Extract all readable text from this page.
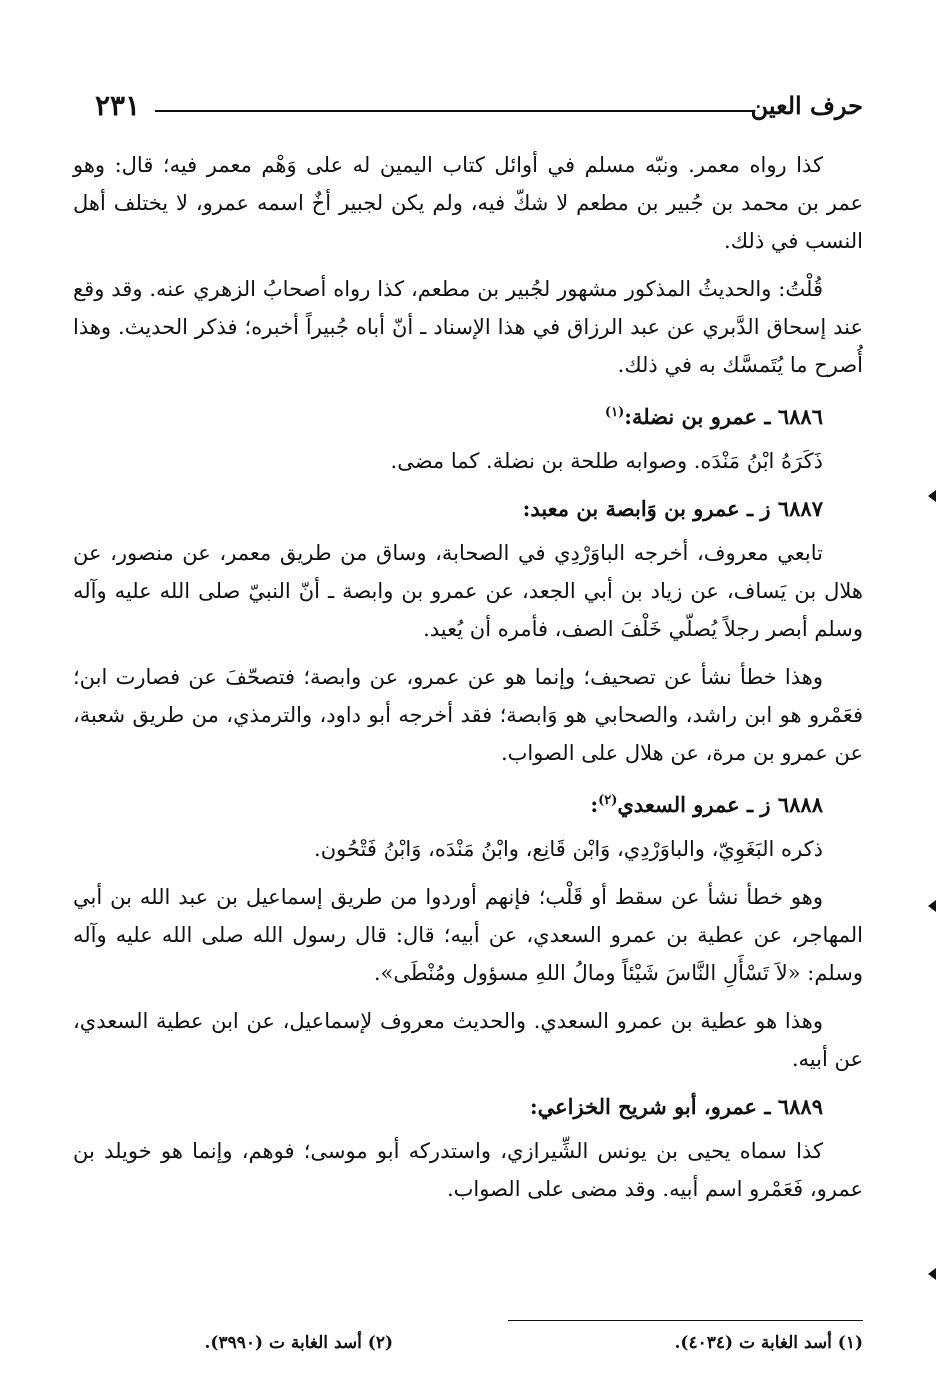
٢٣١	حرف العين

كذا رواه معمر. ونبّه مسلم في أوائل كتاب اليمين له على وَهْم معمر فيه؛ قال: وهو عمر بن محمد بن جُبير بن مطعم لا شكّ فيه، ولم يكن لجبير أخٌ اسمه عمرو، لا يختلف أهل النسب في ذلك.

قُلْتُ: والحديثُ المذكور مشهور لجُبير بن مطعم، كذا رواه أصحابُ الزهري عنه. وقد وقع عند إسحاق الدَّبري عن عبد الرزاق في هذا الإسناد ـ أنّ أباه جُبيراً أخبره؛ فذكر الحديث. وهذا أُصرح ما يُتَمسَّك به في ذلك.

٦٨٨٦ ـ عمرو بن نضلة:$^{(١)}$

ذَكَرَهُ ابْنُ مَنْدَه. وصوابه طلحة بن نضلة. كما مضى.

٦٨٨٧ ز ـ عمرو بن وَابصة بن معبد:

تابعي معروف، أخرجه الباوَرْدِي في الصحابة، وساق من طريق معمر، عن منصور، عن هلال بن يَساف، عن زياد بن أبي الجعد، عن عمرو بن وابصة ـ أنّ النبيّ صلى الله عليه وآله وسلم أبصر رجلاً يُصلّي خَلْفَ الصف، فأمره أن يُعيد.

وهذا خطأ نشأ عن تصحيف؛ وإنما هو عن عمرو، عن وابصة؛ فتصحّفَ عن فصارت ابن؛ فعَمْرو هو ابن راشد، والصحابي هو وَابصة؛ فقد أخرجه أبو داود، والترمذي، من طريق شعبة، عن عمرو بن مرة، عن هلال على الصواب.

٦٨٨٨ ز ـ عمرو السعدي$^{(٢)}$:

ذكره البَغَوِيّ، والباوَرْدِي، وَابْن قَانِع، وابْنُ مَنْدَه، وَابْنُ فَتْحُون.

وهو خطأ نشأ عن سقط أو قَلْب؛ فإنهم أوردوا من طريق إسماعيل بن عبد الله بن أبي المهاجر، عن عطية بن عمرو السعدي، عن أبيه؛ قال: قال رسول الله صلى الله عليه وآله وسلم: «لاَ تَسْأَلِ النَّاسَ شَيْئاً ومالُ اللهِ مسؤول ومُنْطَى».

وهذا هو عطية بن عمرو السعدي. والحديث معروف لإسماعيل، عن ابن عطية السعدي، عن أبيه.

٦٨٨٩ ـ عمرو، أبو شريح الخزاعي:

كذا سماه يحيى بن يونس الشِّيرازي، واستدركه أبو موسى؛ فوهم، وإنما هو خويلد بن عمرو، فَعَمْرو اسم أبيه. وقد مضى على الصواب.

(١) أسد الغابة ت (٤٠٣٤).
(٢) أسد الغابة ت (٣٩٩٠).
